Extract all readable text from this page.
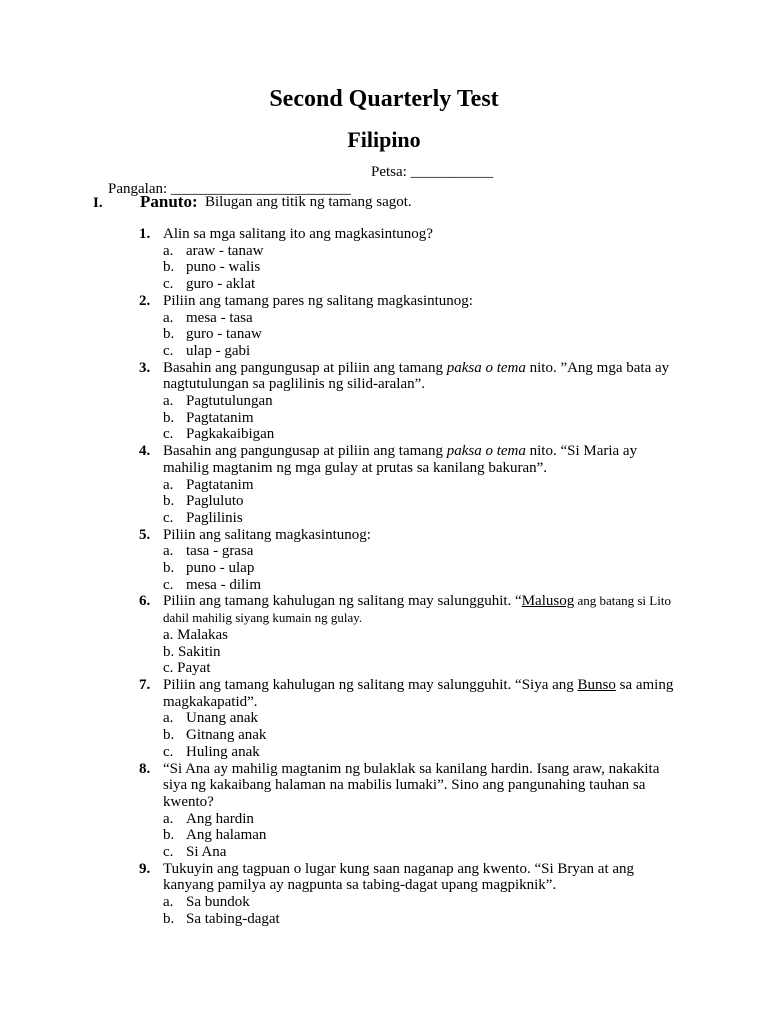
Second Quarterly Test
Filipino

Pangalan: ________________________

Petsa: ___________

I. Panuto: Bilugan ang titik ng tamang sagot.
1. Alin sa mga salitang ito ang magkasintunog?
a. araw - tanaw
b. puno - walis
c. guro - aklat
2. Piliin ang tamang pares ng salitang magkasintunog:
a. mesa - tasa
b. guro - tanaw
c. ulap - gabi
3. Basahin ang pangungusap at piliin ang tamang paksa o tema nito. ”Ang mga bata ay nagtutulungan sa paglilinis ng silid-aralan”.
a. Pagtutulungan
b. Pagtatanim
c. Pagkakaibigan
4. Basahin ang pangungusap at piliin ang tamang paksa o tema nito. “Si Maria ay mahilig magtanim ng mga gulay at prutas sa kanilang bakuran”.
a. Pagtatanim
b. Pagluluto
c. Paglilinis
5. Piliin ang salitang magkasintunog:
a. tasa - grasa
b. puno - ulap
c. mesa - dilim
6. Piliin ang tamang kahulugan ng salitang may salungguhit. “Malusog ang batang si Lito dahil mahilig siyang kumain ng gulay.
a. Malakas
b. Sakitin
c. Payat
7. Piliin ang tamang kahulugan ng salitang may salungguhit. “Siya ang Bunso sa aming magkakapatid”.
a. Unang anak
b. Gitnang anak
c. Huling anak
8. “Si Ana ay mahilig magtanim ng bulaklak sa kanilang hardin. Isang araw, nakakita siya ng kakaibang halaman na mabilis lumaki”. Sino ang pangunahing tauhan sa kwento?
a. Ang hardin
b. Ang halaman
c. Si Ana
9. Tukuyin ang tagpuan o lugar kung saan naganap ang kwento. “Si Bryan at ang kanyang pamilya ay nagpunta sa tabing-dagat upang magpiknik”.
a. Sa bundok
b. Sa tabing-dagat
